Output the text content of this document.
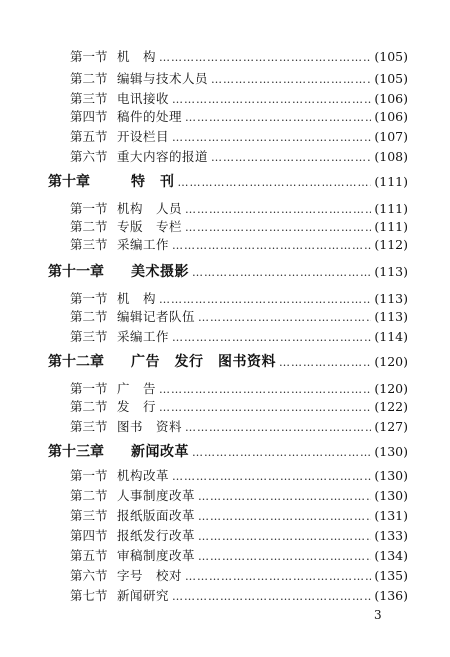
第一节 机　构 …………………………………………………………………………………………………………………………………………………………	(105)
第二节 编辑与技术人员 …………………………………………………………………………………………………………………………………………………………	(105)
第三节 电讯接收 …………………………………………………………………………………………………………………………………………………………	(106)
第四节 稿件的处理 …………………………………………………………………………………………………………………………………………………………	(106)
第五节 开设栏目 …………………………………………………………………………………………………………………………………………………………	(107)
第六节 重大内容的报道 …………………………………………………………………………………………………………………………………………………………	(108)
第十章	特　刊 …………………………………………………………………………………………………………………………………………………………	(111)
第一节 机构　人员 …………………………………………………………………………………………………………………………………………………………	(111)
第二节 专版　专栏 …………………………………………………………………………………………………………………………………………………………	(111)
第三节 采编工作 …………………………………………………………………………………………………………………………………………………………	(112)
第十一章	美术摄影 …………………………………………………………………………………………………………………………………………………………	(113)
第一节 机　构 …………………………………………………………………………………………………………………………………………………………	(113)
第二节 编辑记者队伍 …………………………………………………………………………………………………………………………………………………………	(113)
第三节 采编工作 …………………………………………………………………………………………………………………………………………………………	(114)
第十二章	广告　发行　图书资料 …………………………………………………………………………………………………………………………………………………………	(120)
第一节 广　告 …………………………………………………………………………………………………………………………………………………………	(120)
第二节 发　行 …………………………………………………………………………………………………………………………………………………………	(122)
第三节 图书　资料 …………………………………………………………………………………………………………………………………………………………	(127)
第十三章	新闻改革 …………………………………………………………………………………………………………………………………………………………	(130)
第一节 机构改革 …………………………………………………………………………………………………………………………………………………………	(130)
第二节 人事制度改革 …………………………………………………………………………………………………………………………………………………………	(130)
第三节 报纸版面改革 …………………………………………………………………………………………………………………………………………………………	(131)
第四节 报纸发行改革 …………………………………………………………………………………………………………………………………………………………	(133)
第五节 审稿制度改革 …………………………………………………………………………………………………………………………………………………………	(134)
第六节 字号　校对 …………………………………………………………………………………………………………………………………………………………	(135)
第七节 新闻研究 …………………………………………………………………………………………………………………………………………………………	(136)
3
